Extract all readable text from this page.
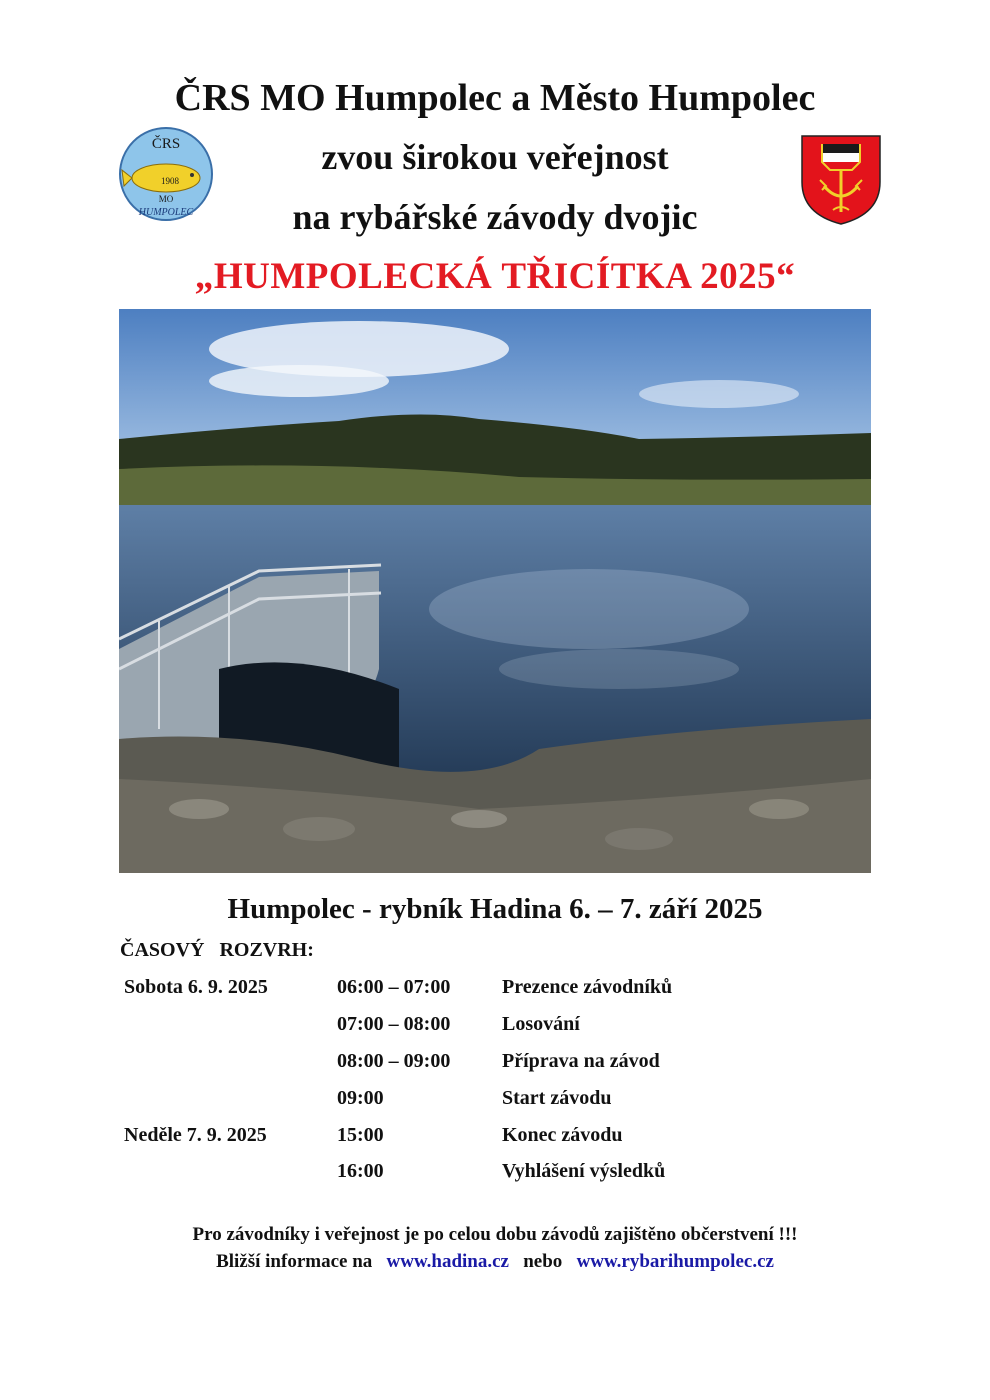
ČRS MO Humpolec a Město Humpolec
zvou širokou veřejnost
na rybářské závody dvojic
„HUMPOLECKÁ TŘICÍTKA 2025“
ČRS
1908
MO
HUMPOLEC
Humpolec - rybník Hadina 6. – 7. září 2025
ČASOVÝ ROZVRH:
Sobota 6. 9. 2025	06:00 – 07:00	Prezence závodníků
07:00 – 08:00	Losování
08:00 – 09:00	Příprava na závod
09:00	Start závodu
Neděle 7. 9. 2025	15:00	Konec závodu
16:00	Vyhlášení výsledků
Pro závodníky i veřejnost je po celou dobu závodů zajištěno občerstvení !!!
Bližší informace na www.hadina.cz nebo www.rybarihumpolec.cz
